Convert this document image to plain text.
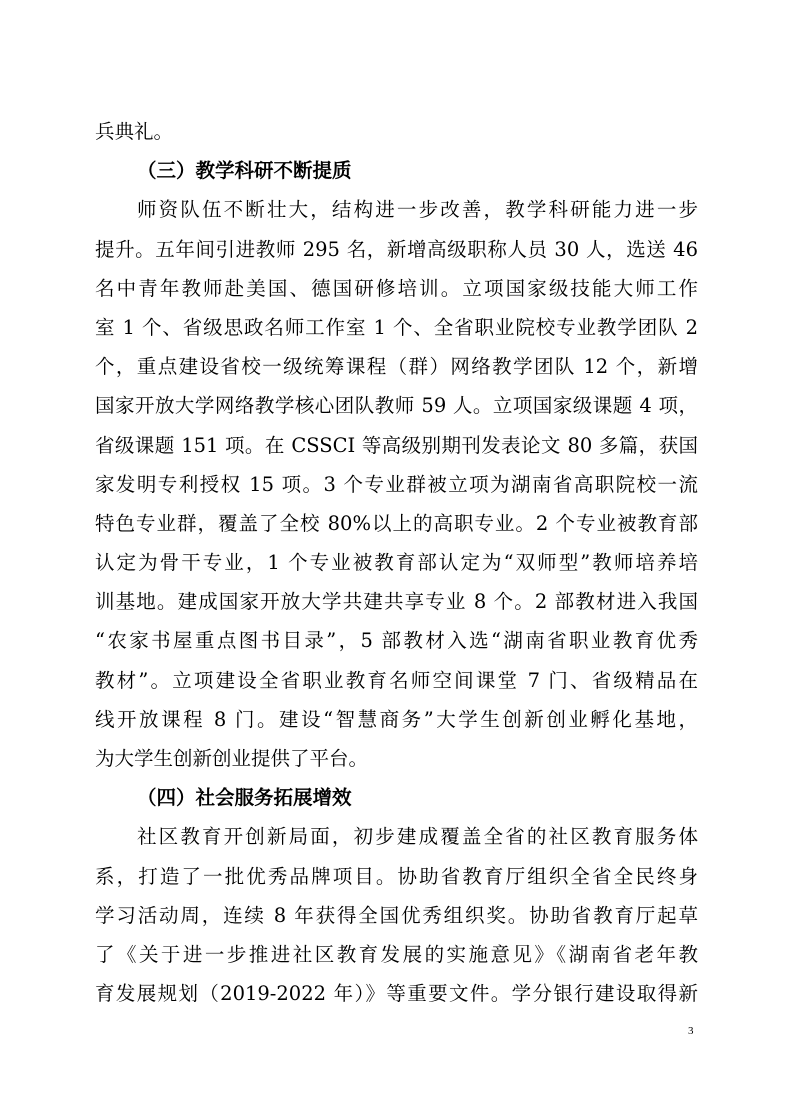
兵典礼。
（三）教学科研不断提质
师资队伍不断壮大，结构进一步改善，教学科研能力进一步
提升。五年间引进教师 295 名，新增高级职称人员 30 人，选送 46
名中青年教师赴美国、德国研修培训。立项国家级技能大师工作
室 1 个、省级思政名师工作室 1 个、全省职业院校专业教学团队 2
个，重点建设省校一级统筹课程（群）网络教学团队 12 个，新增
国家开放大学网络教学核心团队教师 59 人。立项国家级课题 4 项，
省级课题 151 项。在 CSSCI 等高级别期刊发表论文 80 多篇，获国
家发明专利授权 15 项。3 个专业群被立项为湖南省高职院校一流
特色专业群，覆盖了全校 80%以上的高职专业。2 个专业被教育部
认定为骨干专业，1 个专业被教育部认定为“双师型”教师培养培
训基地。建成国家开放大学共建共享专业 8 个。2 部教材进入我国
“农家书屋重点图书目录”，5 部教材入选“湖南省职业教育优秀
教材”。立项建设全省职业教育名师空间课堂 7 门、省级精品在
线开放课程 8 门。建设“智慧商务”大学生创新创业孵化基地，
为大学生创新创业提供了平台。
（四）社会服务拓展增效
社区教育开创新局面，初步建成覆盖全省的社区教育服务体
系，打造了一批优秀品牌项目。协助省教育厅组织全省全民终身
学习活动周，连续 8 年获得全国优秀组织奖。协助省教育厅起草
了《关于进一步推进社区教育发展的实施意见》《湖南省老年教
育发展规划（2019-2022 年）》等重要文件。学分银行建设取得新
3
